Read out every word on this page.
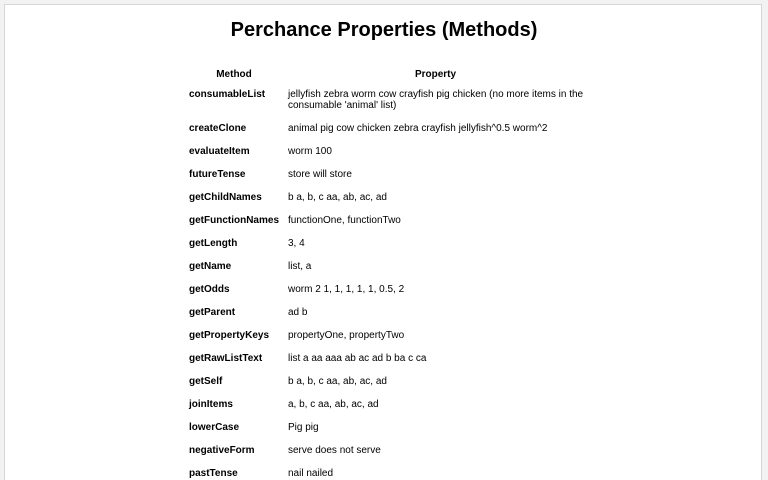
Perchance Properties (Methods)
Method	Property
consumableList	jellyfish zebra worm cow crayfish pig chicken (no more items in the consumable 'animal' list)
createClone	animal pig cow chicken zebra crayfish jellyfish^0.5 worm^2
evaluateItem	worm 100
futureTense	store will store
getChildNames	b a, b, c aa, ab, ac, ad
getFunctionNames	functionOne, functionTwo
getLength	3, 4
getName	list, a
getOdds	worm 2 1, 1, 1, 1, 1, 0.5, 2
getParent	ad b
getPropertyKeys	propertyOne, propertyTwo
getRawListText	list a aa aaa ab ac ad b ba c ca
getSelf	b a, b, c aa, ab, ac, ad
joinItems	a, b, c aa, ab, ac, ad
lowerCase	Pig pig
negativeForm	serve does not serve
pastTense	nail nailed
